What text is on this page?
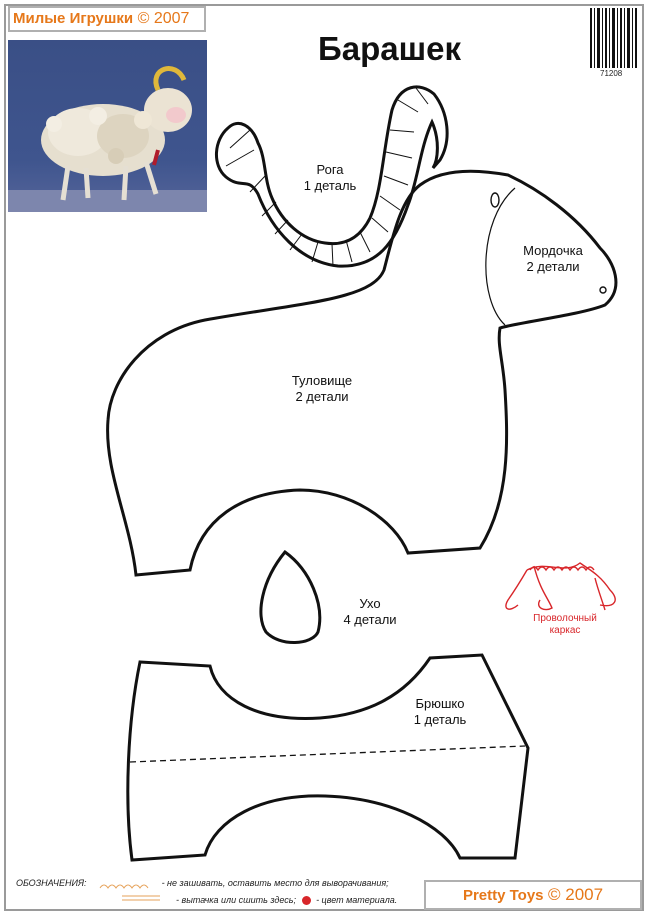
Милые Игрушки © 2007
Барашек
71208
Рога
1 деталь
Мордочка
2 детали
Туловище
2 детали
Ухо
4 детали
Брюшко
1 деталь
Проволочный
каркас
ОБОЗНАЧЕНИЯ:	- не зашивать, оставить место для выворачивания;
- вытачка или сшить здесь; - цвет материала.	Pretty Toys © 2007
